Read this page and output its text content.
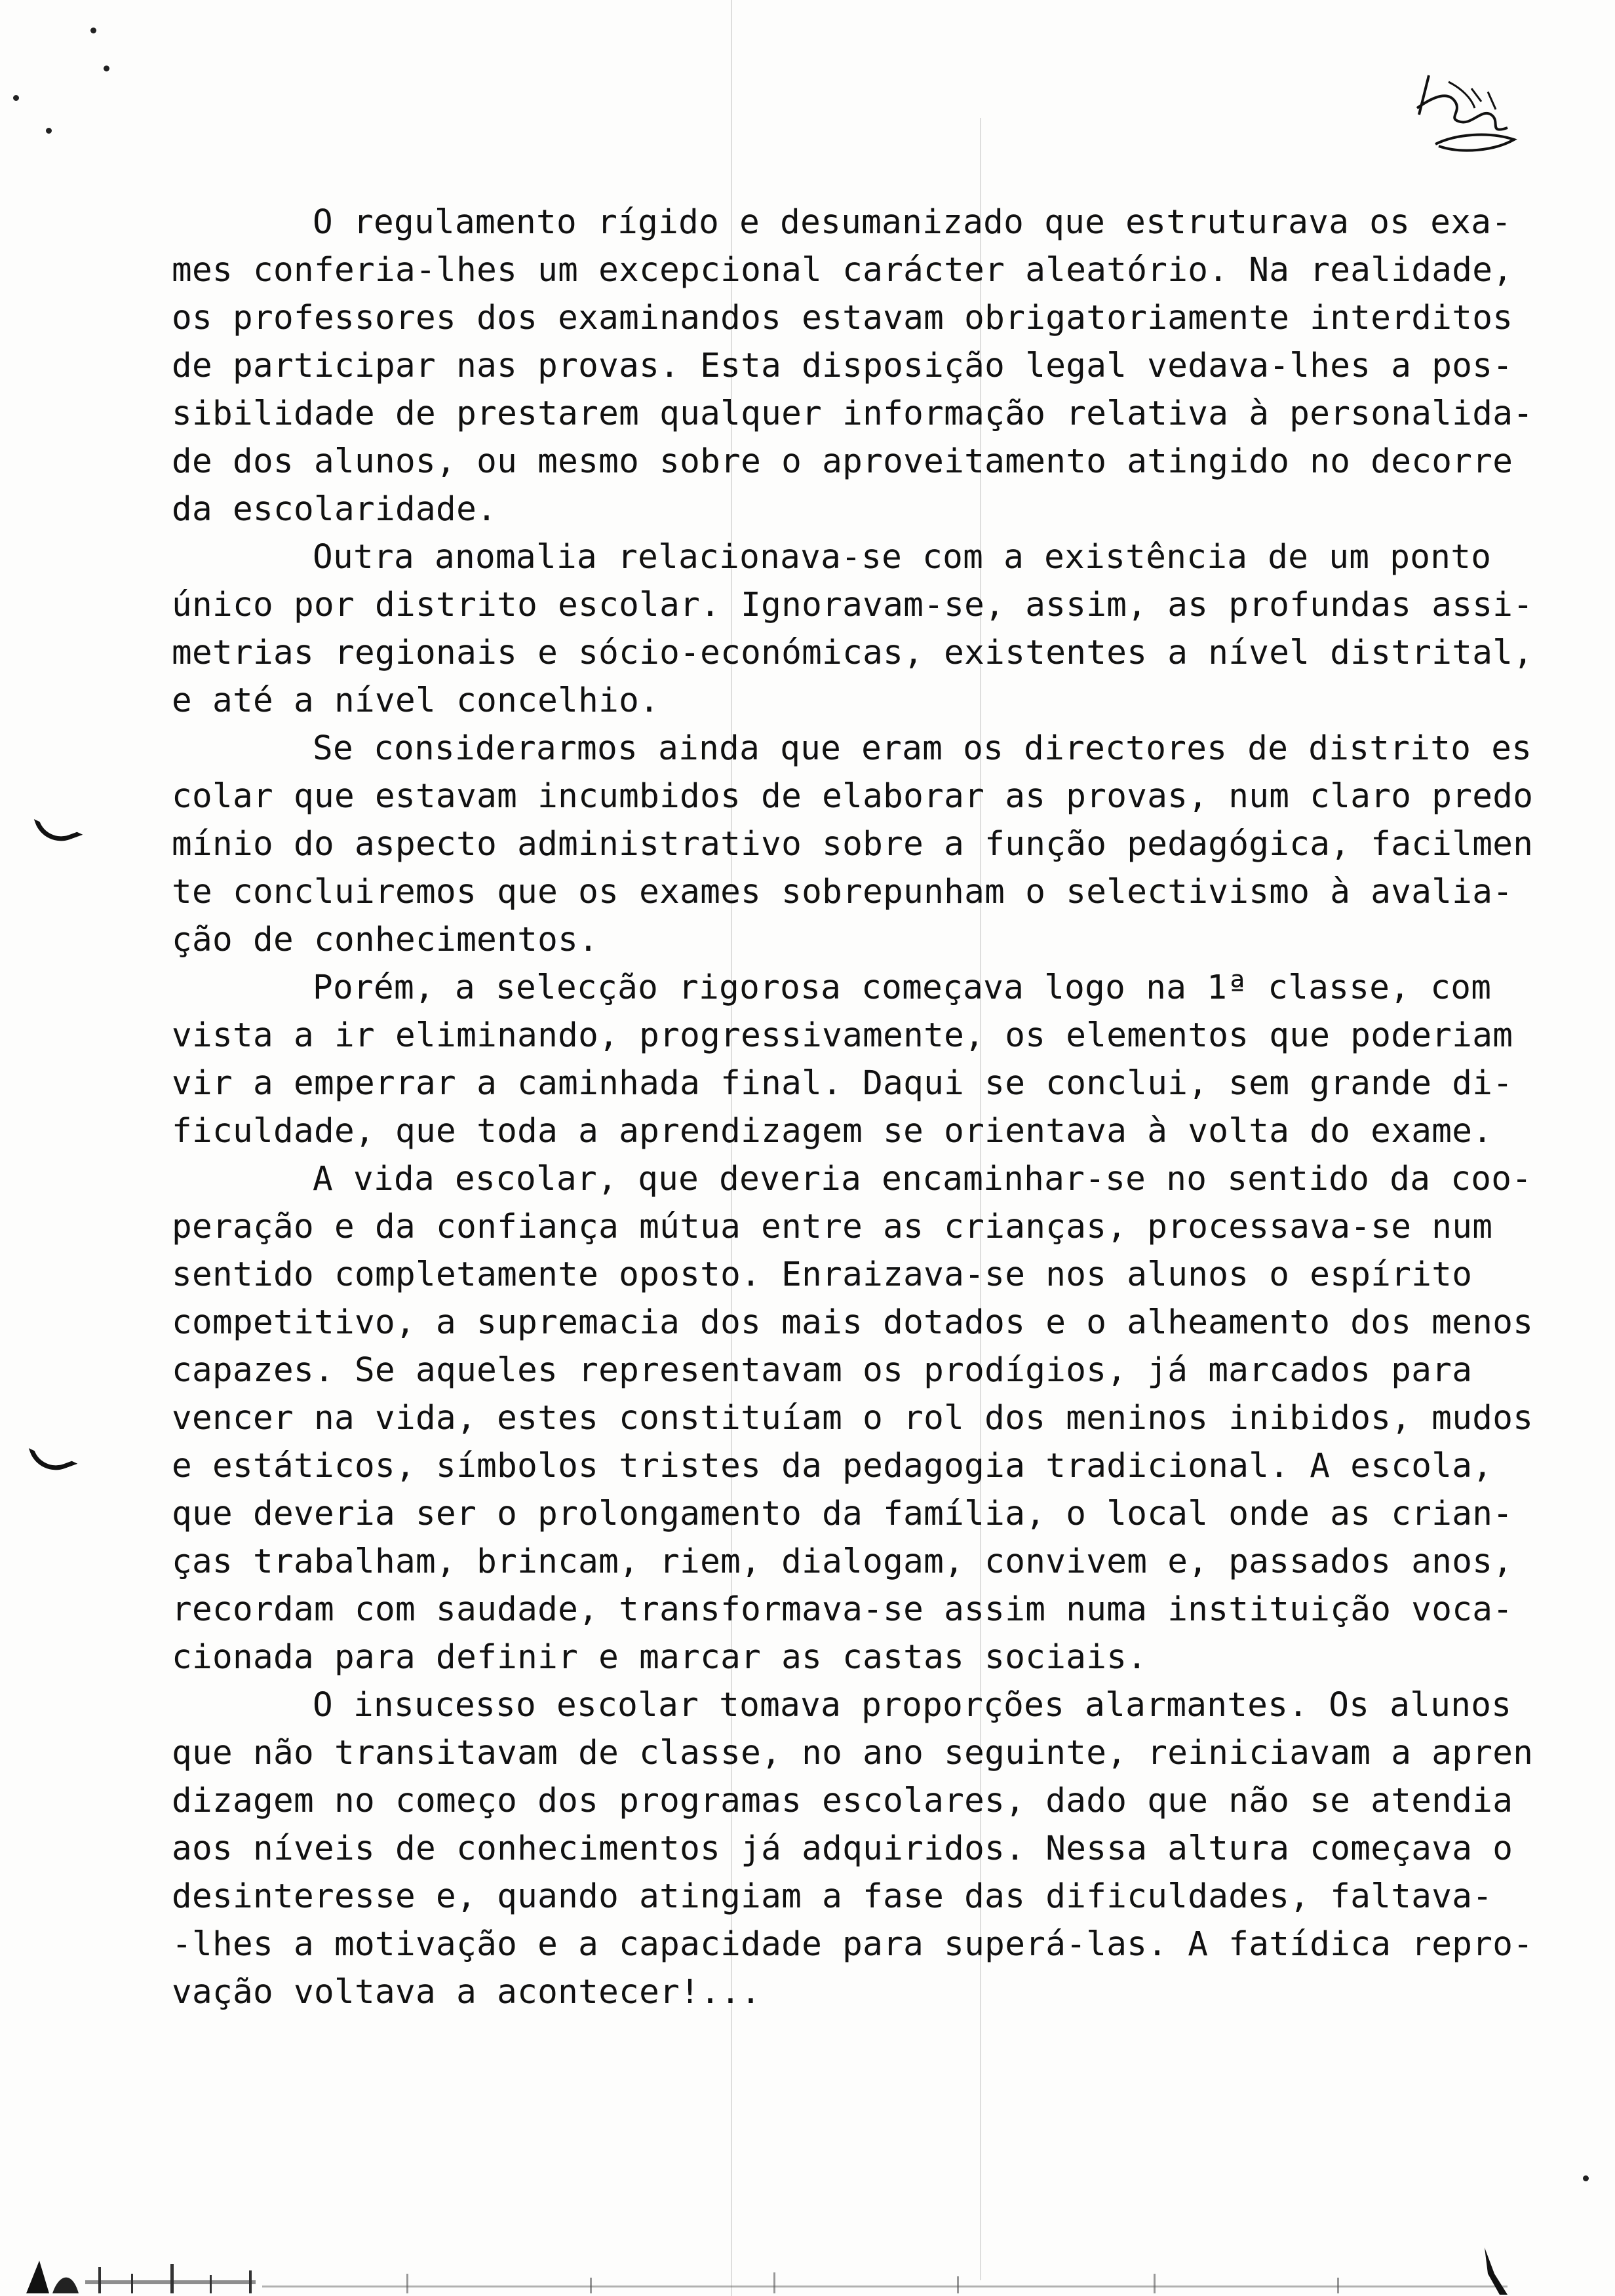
O regulamento rígido e desumanizado que estruturava os exa-
mes conferia-lhes um excepcional carácter aleatório. Na realidade,
os professores dos examinandos estavam obrigatoriamente interditos
de participar nas provas. Esta disposição legal vedava-lhes a pos-
sibilidade de prestarem qualquer informação relativa à personalida-
de dos alunos, ou mesmo sobre o aproveitamento atingido no decorre
da escolaridade.
Outra anomalia relacionava-se com a existência de um ponto
único por distrito escolar. Ignoravam-se, assim, as profundas assi-
metrias regionais e sócio-económicas, existentes a nível distrital,
e até a nível concelhio.
Se considerarmos ainda que eram os directores de distrito es
colar que estavam incumbidos de elaborar as provas, num claro predo
mínio do aspecto administrativo sobre a função pedagógica, facilmen
te concluiremos que os exames sobrepunham o selectivismo à avalia-
ção de conhecimentos.
Porém, a selecção rigorosa começava logo na 1ª classe, com
vista a ir eliminando, progressivamente, os elementos que poderiam
vir a emperrar a caminhada final. Daqui se conclui, sem grande di-
ficuldade, que toda a aprendizagem se orientava à volta do exame.
A vida escolar, que deveria encaminhar-se no sentido da coo-
peração e da confiança mútua entre as crianças, processava-se num
sentido completamente oposto. Enraizava-se nos alunos o espírito
competitivo, a supremacia dos mais dotados e o alheamento dos menos
capazes. Se aqueles representavam os prodígios, já marcados para
vencer na vida, estes constituíam o rol dos meninos inibidos, mudos
e estáticos, símbolos tristes da pedagogia tradicional. A escola,
que deveria ser o prolongamento da família, o local onde as crian-
ças trabalham, brincam, riem, dialogam, convivem e, passados anos,
recordam com saudade, transformava-se assim numa instituição voca-
cionada para definir e marcar as castas sociais.
O insucesso escolar tomava proporções alarmantes. Os alunos
que não transitavam de classe, no ano seguinte, reiniciavam a apren
dizagem no começo dos programas escolares, dado que não se atendia
aos níveis de conhecimentos já adquiridos. Nessa altura começava o
desinteresse e, quando atingiam a fase das dificuldades, faltava-
-lhes a motivação e a capacidade para superá-las. A fatídica repro-
vação voltava a acontecer!...
